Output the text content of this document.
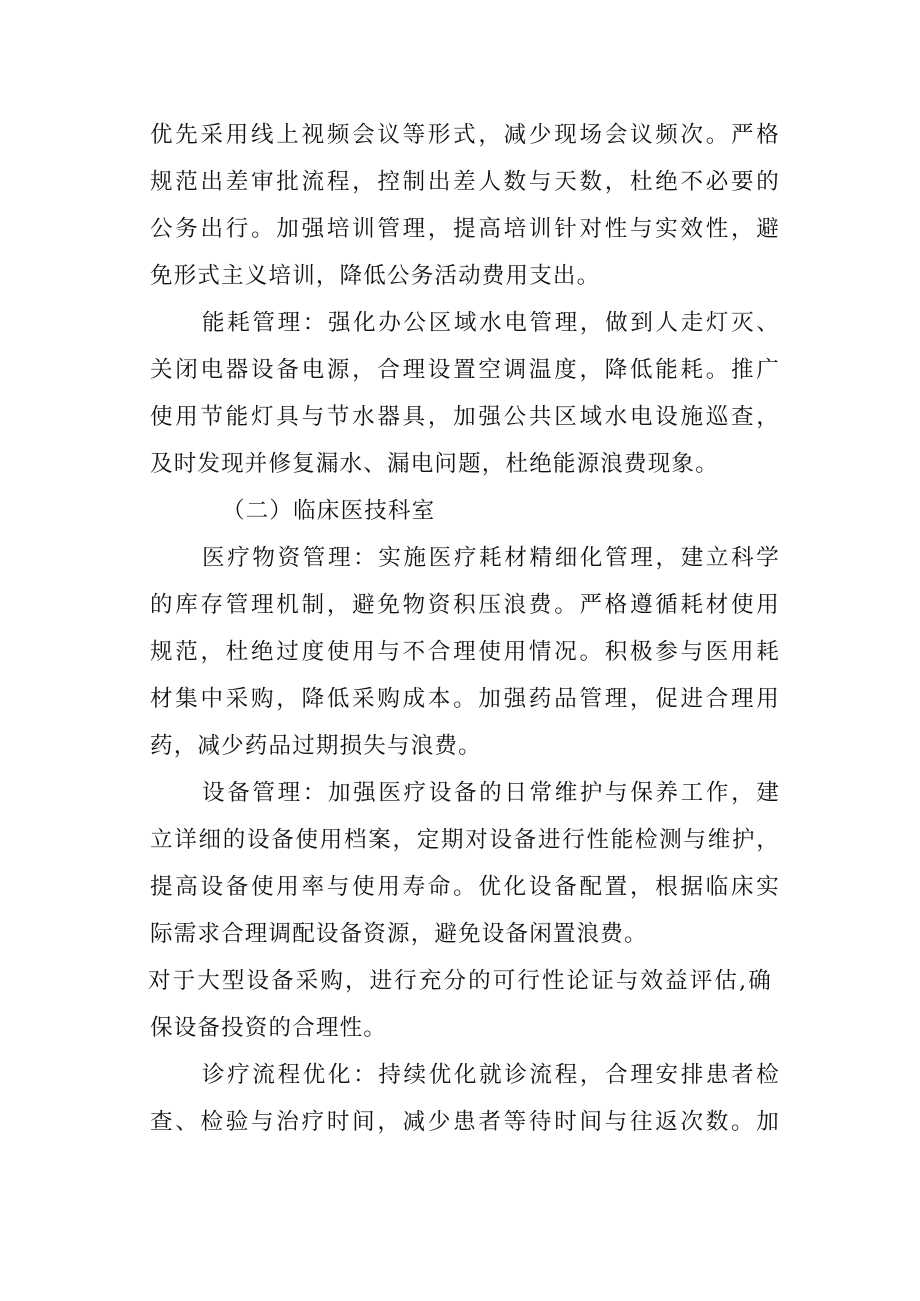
优先采用线上视频会议等形式，减少现场会议频次。严格
规范出差审批流程，控制出差人数与天数，杜绝不必要的
公务出行。加强培训管理，提高培训针对性与实效性，避
免形式主义培训，降低公务活动费用支出。
能耗管理：强化办公区域水电管理，做到人走灯灭、
关闭电器设备电源，合理设置空调温度，降低能耗。推广
使用节能灯具与节水器具，加强公共区域水电设施巡查，
及时发现并修复漏水、漏电问题，杜绝能源浪费现象。
（二）临床医技科室
医疗物资管理：实施医疗耗材精细化管理，建立科学
的库存管理机制，避免物资积压浪费。严格遵循耗材使用
规范，杜绝过度使用与不合理使用情况。积极参与医用耗
材集中采购，降低采购成本。加强药品管理，促进合理用
药，减少药品过期损失与浪费。
设备管理：加强医疗设备的日常维护与保养工作，建
立详细的设备使用档案，定期对设备进行性能检测与维护，
提高设备使用率与使用寿命。优化设备配置，根据临床实
际需求合理调配设备资源，避免设备闲置浪费。
对于大型设备采购，进行充分的可行性论证与效益评估,确
保设备投资的合理性。
诊疗流程优化：持续优化就诊流程，合理安排患者检
查、检验与治疗时间，减少患者等待时间与往返次数。加
